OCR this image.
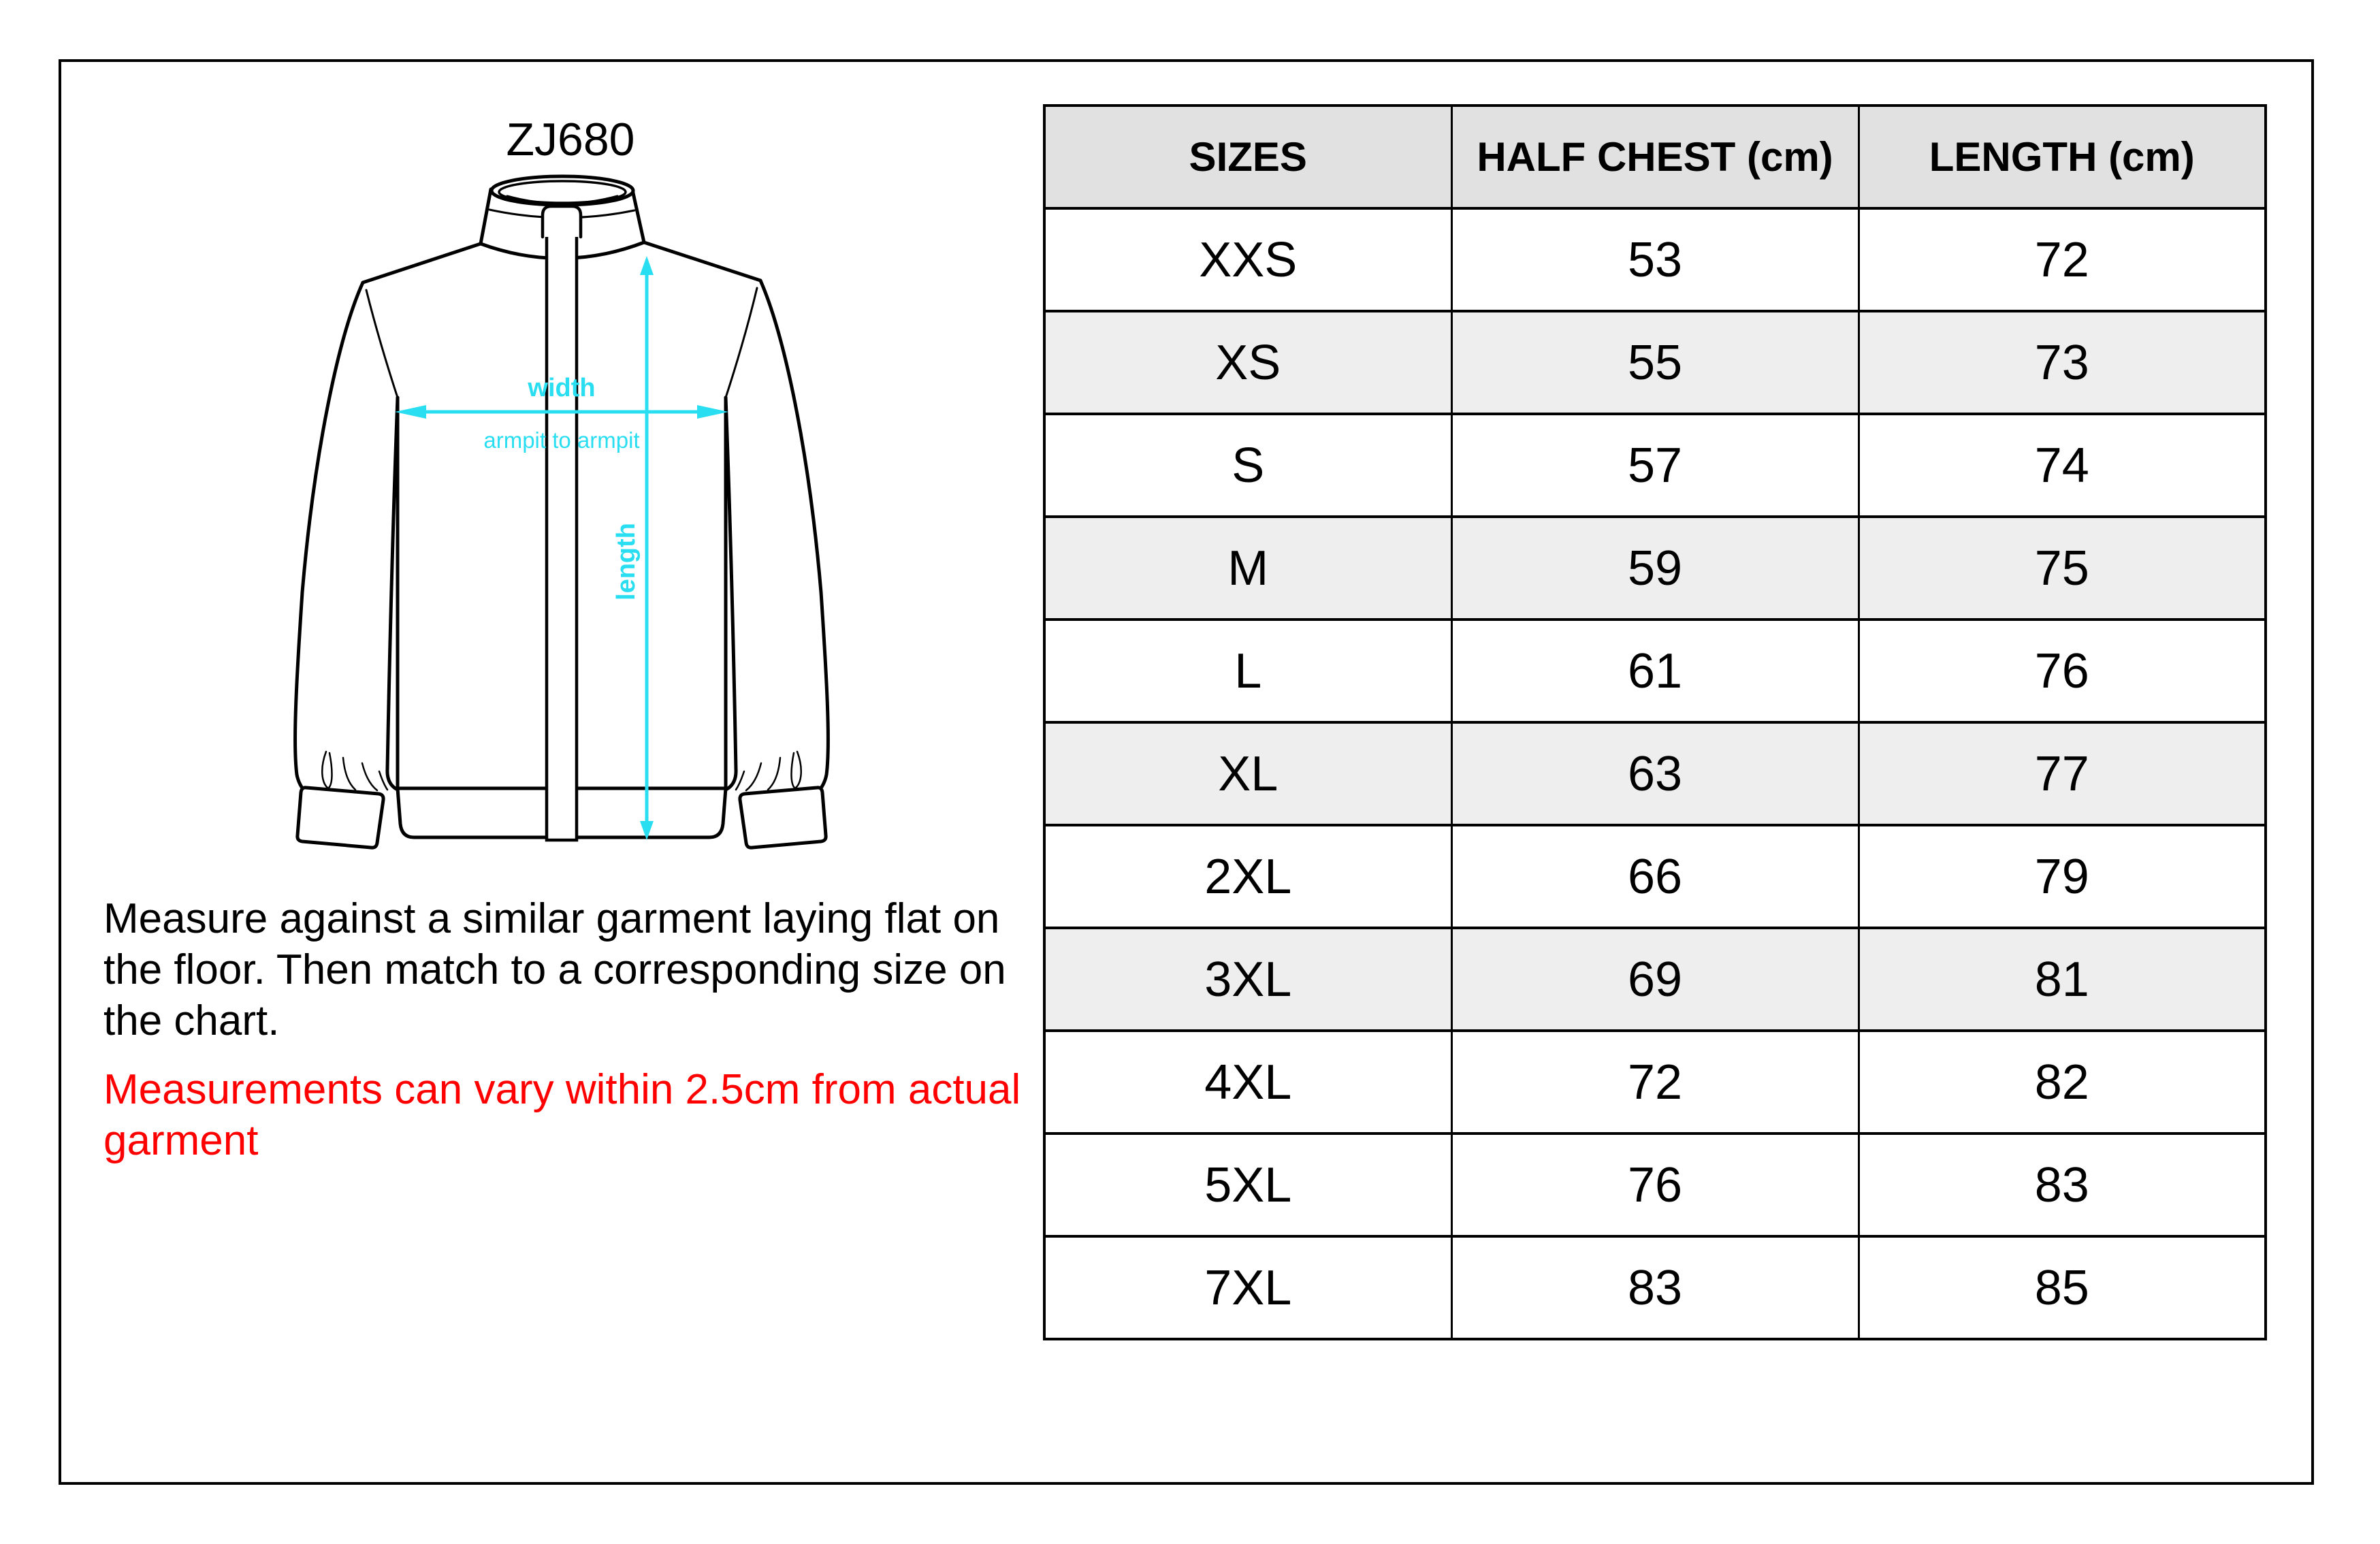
ZJ680
width
armpit to armpit
length

Measure against a similar garment laying flat on the floor. Then match to a corresponding size on the chart.

Measurements can vary within 2.5cm from actual garment

SIZES	HALF CHEST (cm)	LENGTH (cm)
XXS	53	72
XS	55	73
S	57	74
M	59	75
L	61	76
XL	63	77
2XL	66	79
3XL	69	81
4XL	72	82
5XL	76	83
7XL	83	85
